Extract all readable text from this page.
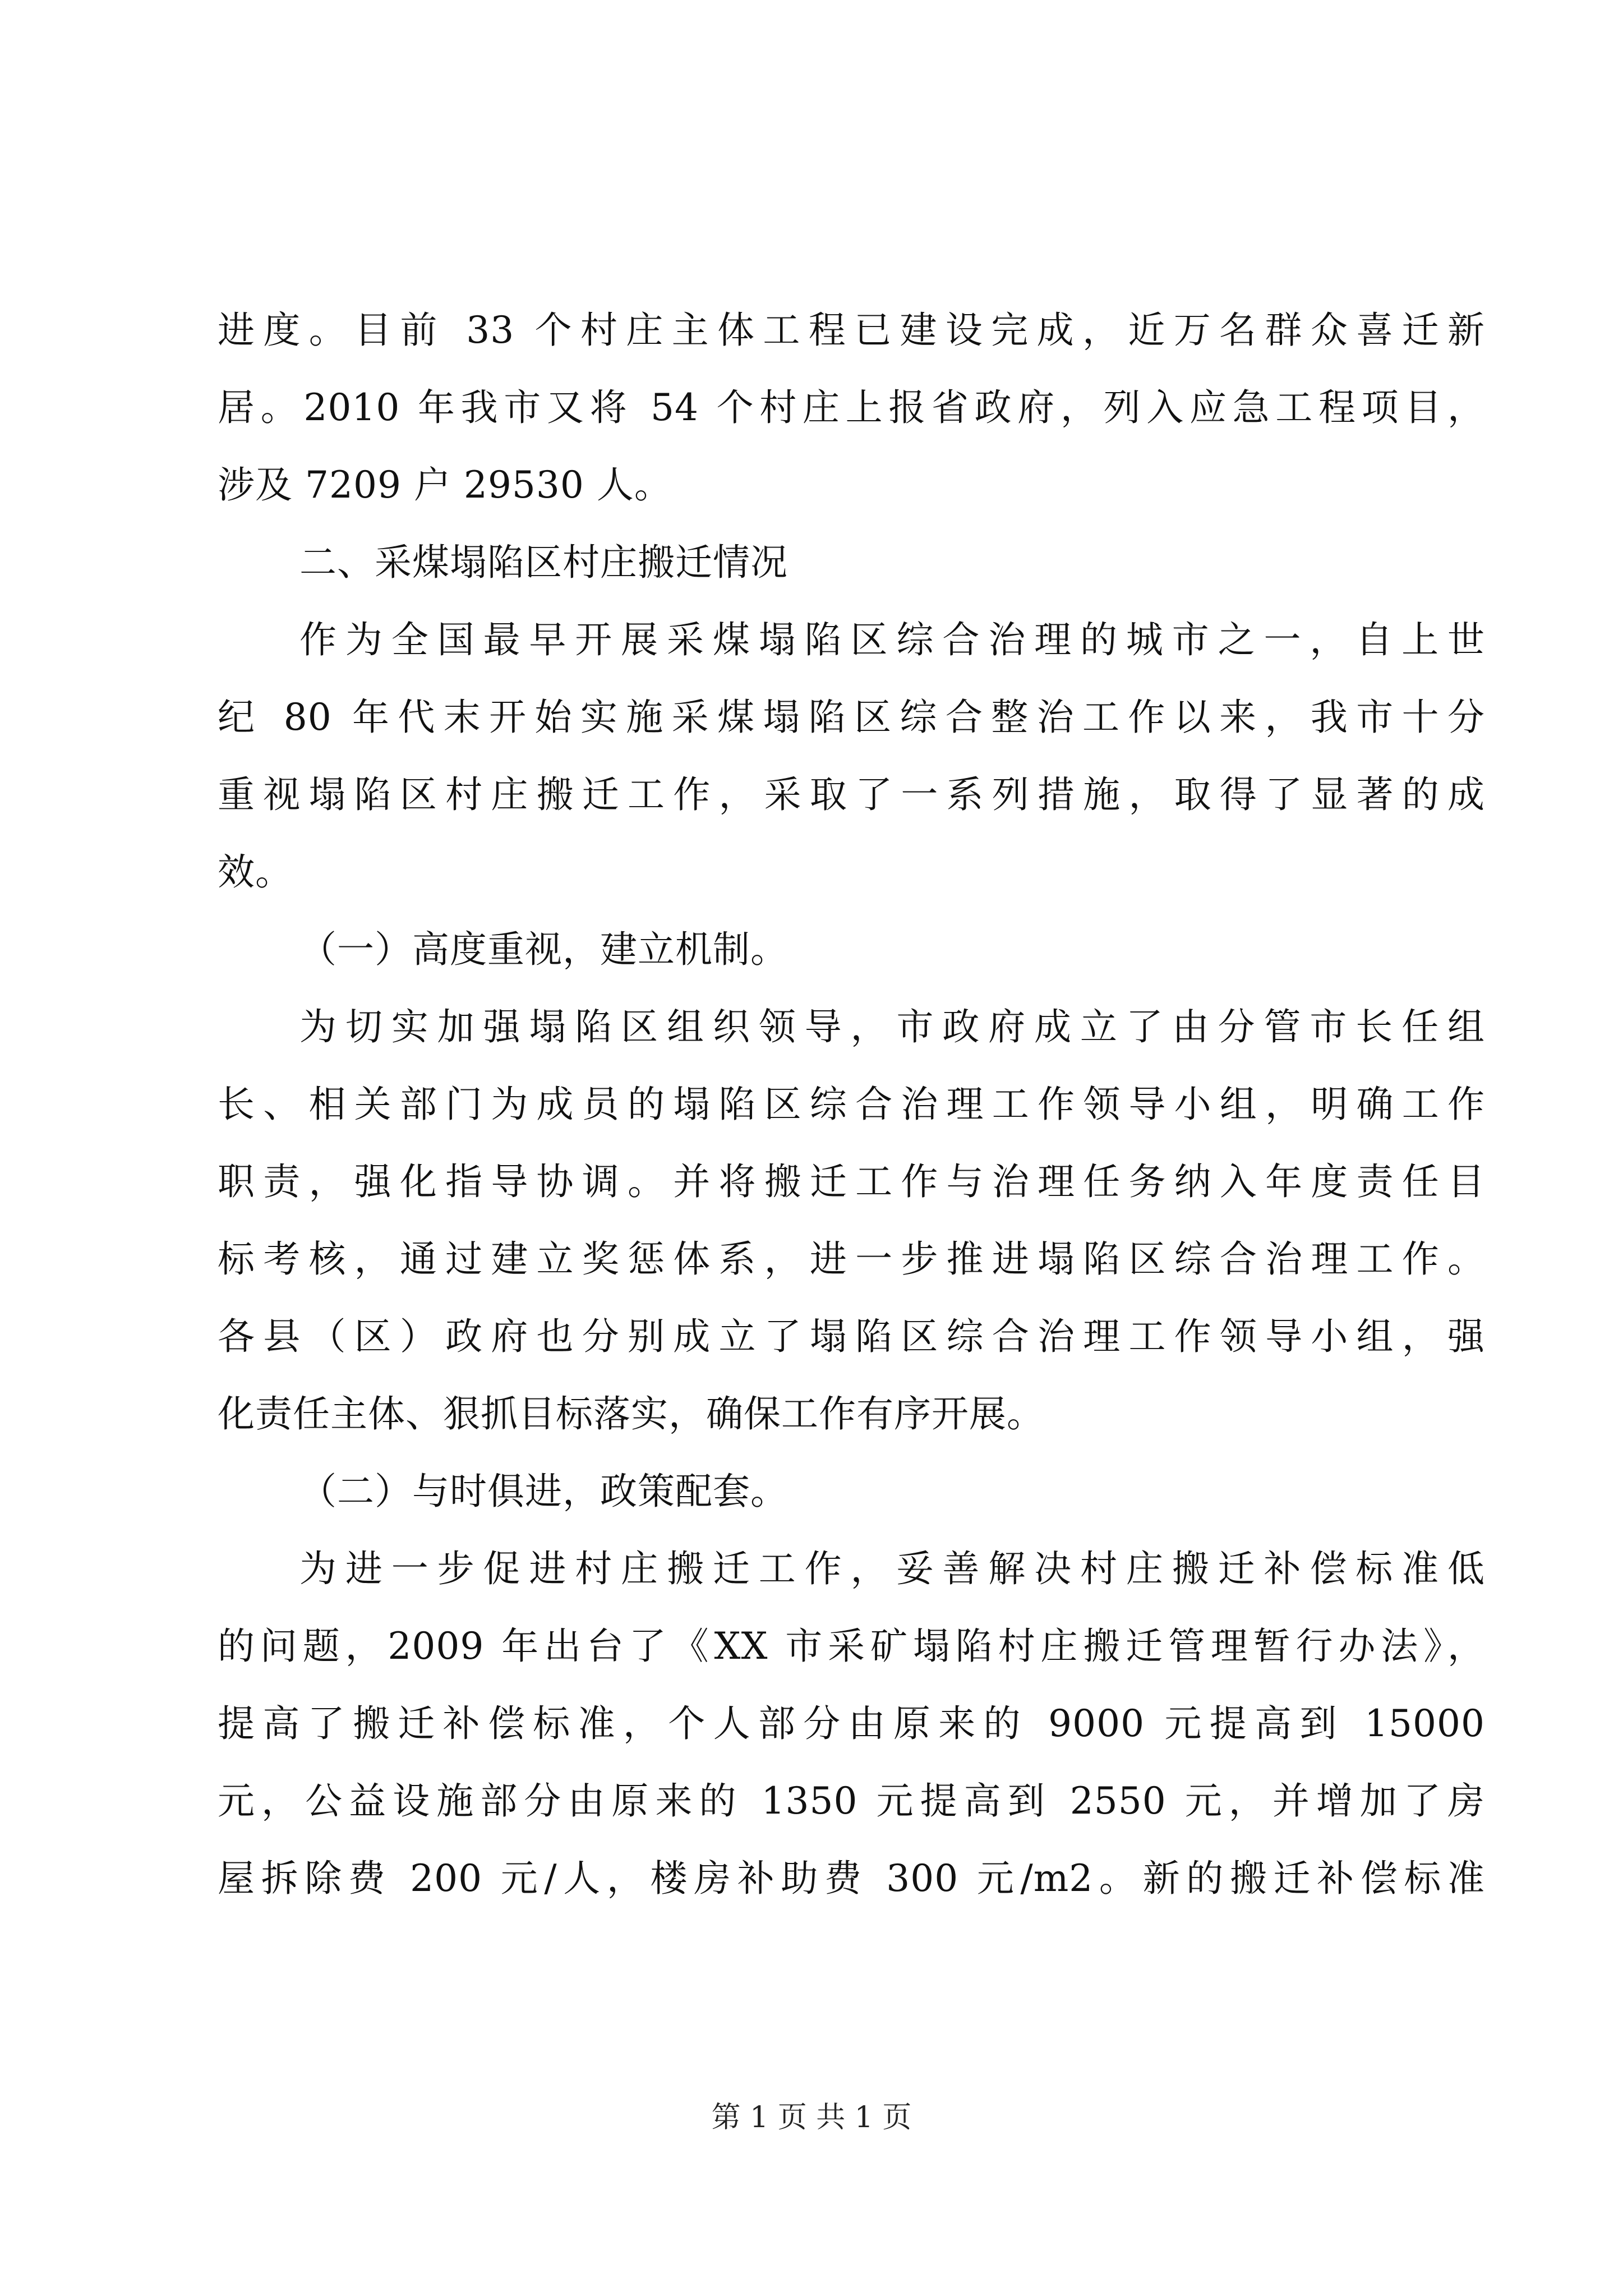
进度。目前 33 个村庄主体工程已建设完成，近万名群众喜迁新
居。2010 年我市又将 54 个村庄上报省政府，列入应急工程项目，
涉及 7209 户 29530 人。
二、采煤塌陷区村庄搬迁情况
作为全国最早开展采煤塌陷区综合治理的城市之一，自上世
纪 80 年代末开始实施采煤塌陷区综合整治工作以来，我市十分
重视塌陷区村庄搬迁工作，采取了一系列措施，取得了显著的成
效。
（一）高度重视，建立机制。
为切实加强塌陷区组织领导，市政府成立了由分管市长任组
长、相关部门为成员的塌陷区综合治理工作领导小组，明确工作
职责，强化指导协调。并将搬迁工作与治理任务纳入年度责任目
标考核，通过建立奖惩体系，进一步推进塌陷区综合治理工作。
各县（区）政府也分别成立了塌陷区综合治理工作领导小组，强
化责任主体、狠抓目标落实，确保工作有序开展。
（二）与时俱进，政策配套。
为进一步促进村庄搬迁工作，妥善解决村庄搬迁补偿标准低
的问题，2009 年出台了《XX 市采矿塌陷村庄搬迁管理暂行办法》，
提高了搬迁补偿标准，个人部分由原来的 9000 元提高到 15000
元，公益设施部分由原来的 1350 元提高到 2550 元，并增加了房
屋拆除费 200 元/人，楼房补助费 300 元/m2。新的搬迁补偿标准
第 1 页 共 1 页
